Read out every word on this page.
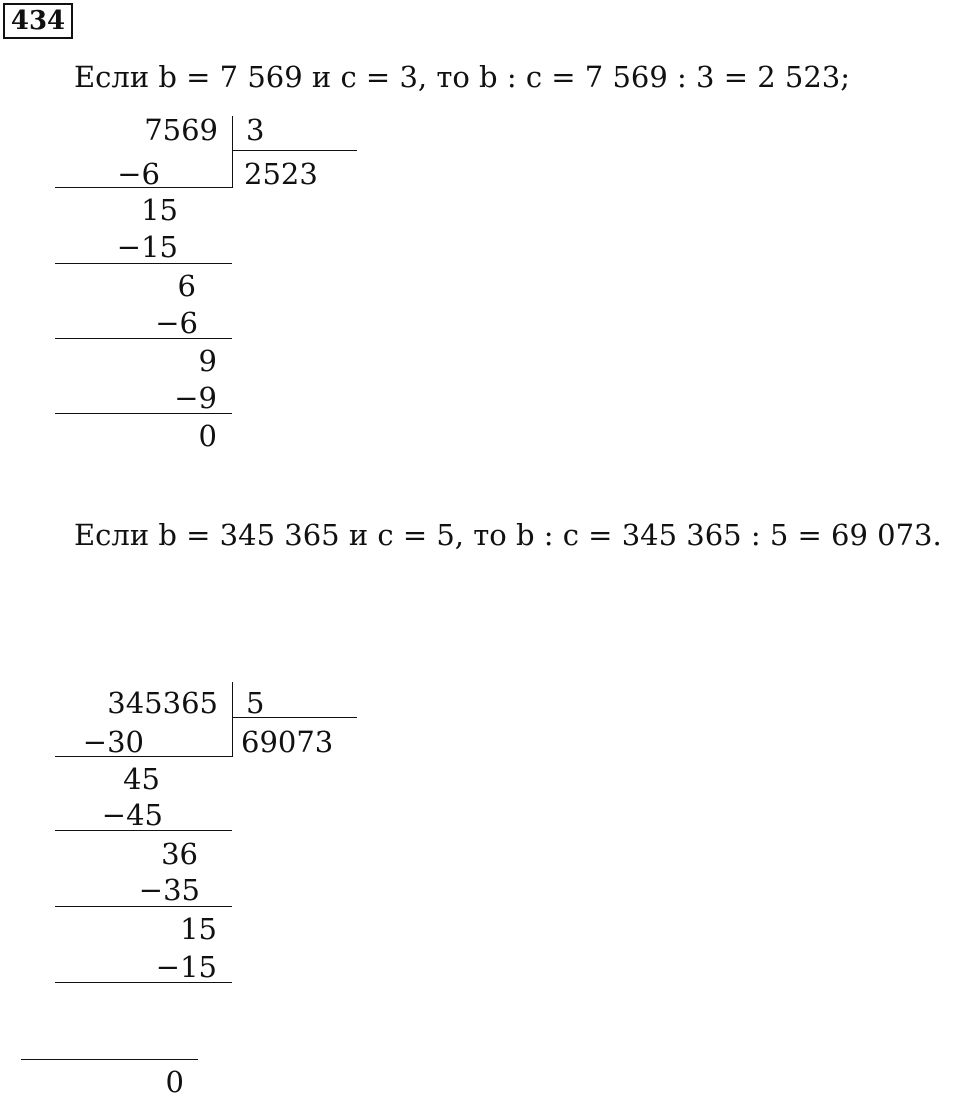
434
Если b = 7 569 и c = 3, то b : c = 7 569 : 3 = 2 523;
7569 3
2523
−6
15
−15
6
−6
9
−9
0
Если b = 345 365 и c = 5, то b : c = 345 365 : 5 = 69 073.
345365 5
69073
−30
45
−45
36
−35
15
−15
0
